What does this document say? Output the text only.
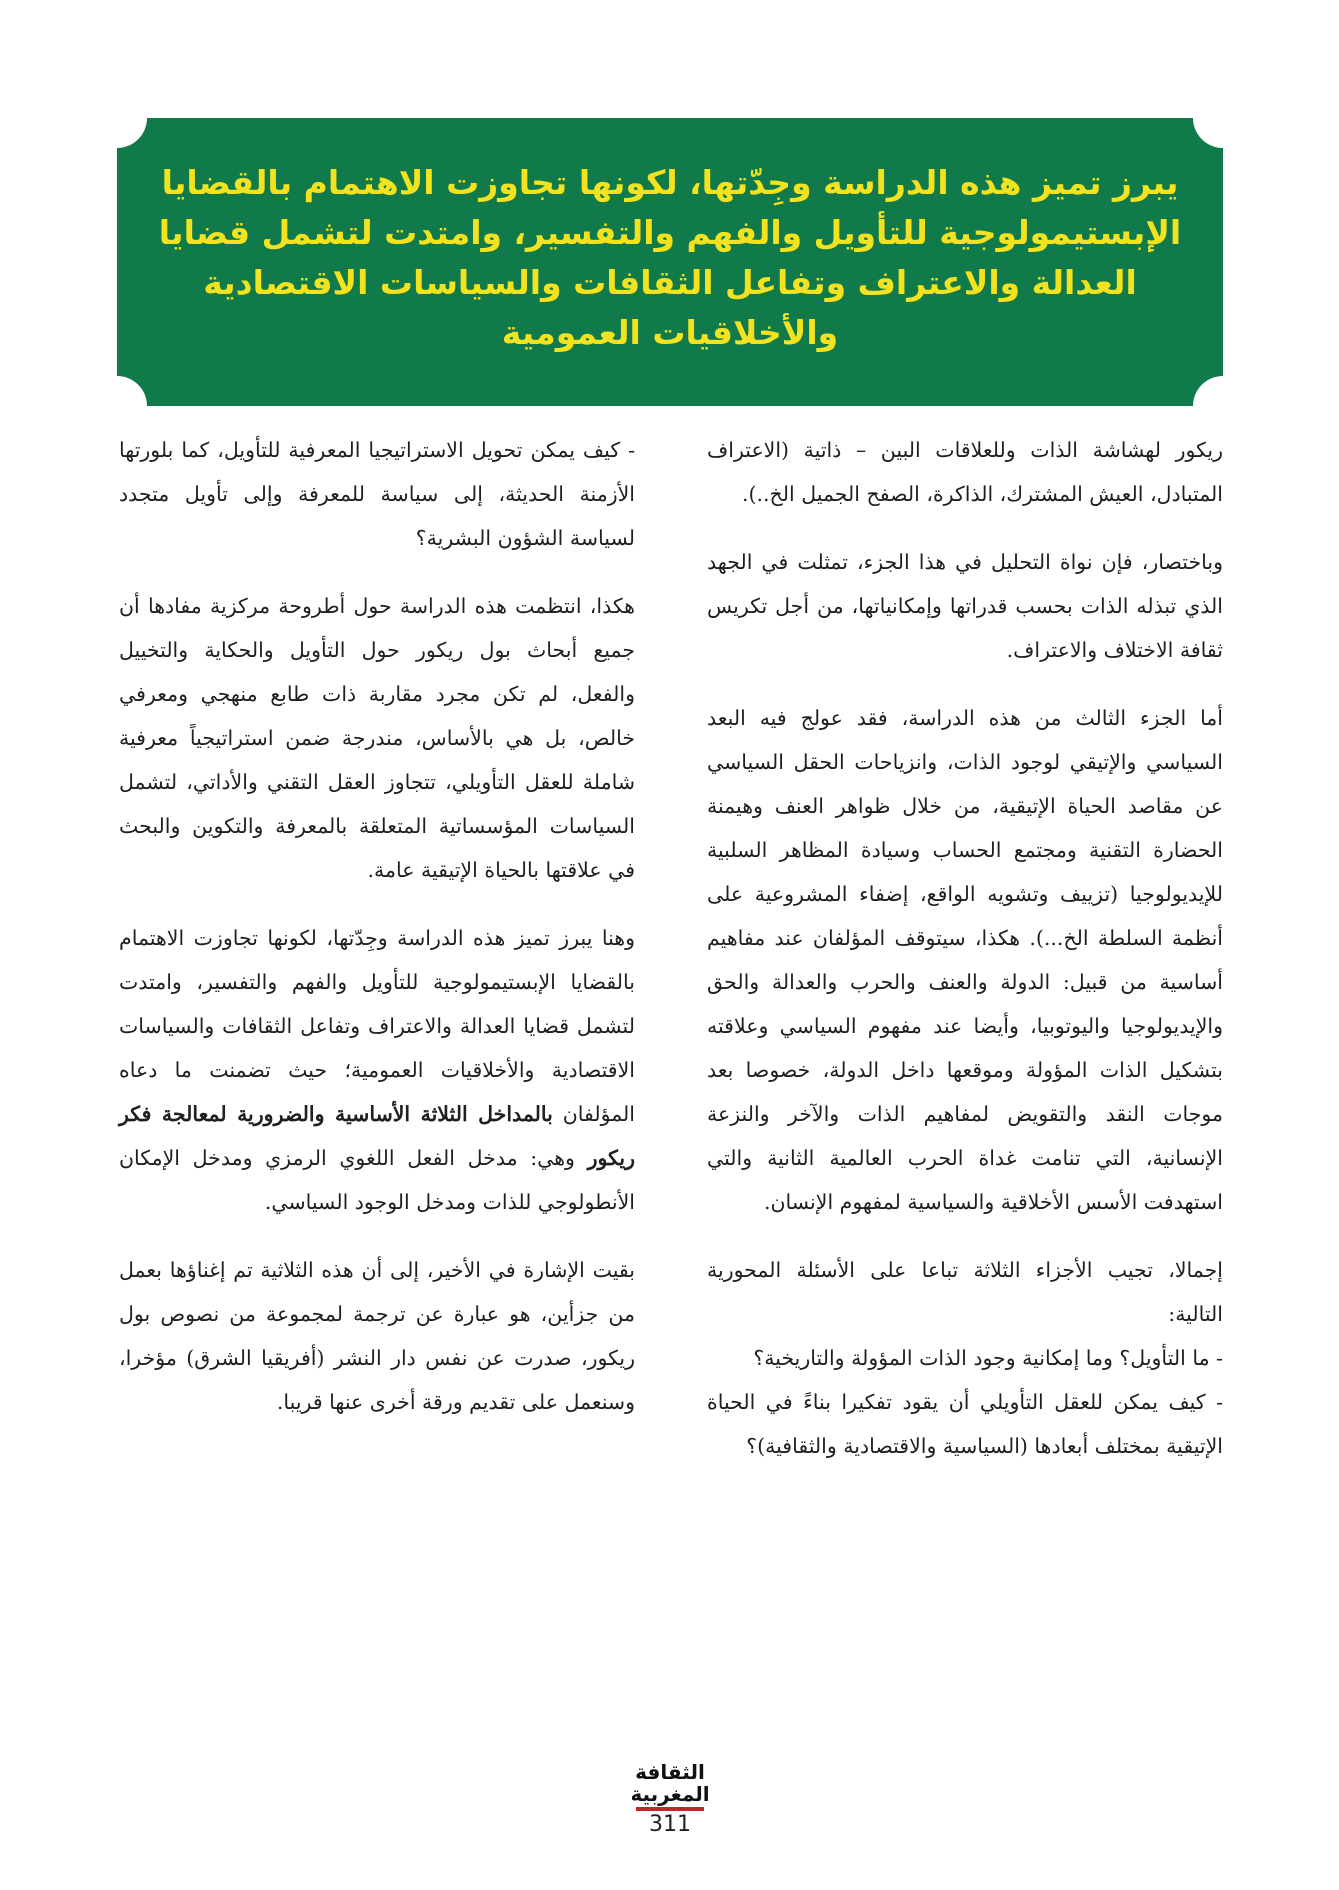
يبرز تميز هذه الدراسة وجِدّتها، لكونها تجاوزت الاهتمام بالقضايا الإبستيمولوجية للتأويل والفهم والتفسير، وامتدت لتشمل قضايا العدالة والاعتراف وتفاعل الثقافات والسياسات الاقتصادية والأخلاقيات العمومية

ريكور لهشاشة الذات وللعلاقات البين – ذاتية (الاعتراف المتبادل، العيش المشترك، الذاكرة، الصفح الجميل الخ..).

وباختصار، فإن نواة التحليل في هذا الجزء، تمثلت في الجهد الذي تبذله الذات بحسب قدراتها وإمكانياتها، من أجل تكريس ثقافة الاختلاف والاعتراف.

أما الجزء الثالث من هذه الدراسة، فقد عولج فيه البعد السياسي والإتيقي لوجود الذات، وانزياحات الحقل السياسي عن مقاصد الحياة الإتيقية، من خلال ظواهر العنف وهيمنة الحضارة التقنية ومجتمع الحساب وسيادة المظاهر السلبية للإيديولوجيا (تزييف وتشويه الواقع، إضفاء المشروعية على أنظمة السلطة الخ...). هكذا، سيتوقف المؤلفان عند مفاهيم أساسية من قبيل: الدولة والعنف والحرب والعدالة والحق والإيديولوجيا واليوتوبيا، وأيضا عند مفهوم السياسي وعلاقته بتشكيل الذات المؤولة وموقعها داخل الدولة، خصوصا بعد موجات النقد والتقويض لمفاهيم الذات والآخر والنزعة الإنسانية، التي تنامت غداة الحرب العالمية الثانية والتي استهدفت الأسس الأخلاقية والسياسية لمفهوم الإنسان.

إجمالا، تجيب الأجزاء الثلاثة تباعا على الأسئلة المحورية التالية:
- ما التأويل؟ وما إمكانية وجود الذات المؤولة والتاريخية؟
- كيف يمكن للعقل التأويلي أن يقود تفكيرا بناءً في الحياة الإتيقية بمختلف أبعادها (السياسية والاقتصادية والثقافية)؟

- كيف يمكن تحويل الاستراتيجيا المعرفية للتأويل، كما بلورتها الأزمنة الحديثة، إلى سياسة للمعرفة وإلى تأويل متجدد لسياسة الشؤون البشرية؟

هكذا، انتظمت هذه الدراسة حول أطروحة مركزية مفادها أن جميع أبحاث بول ريكور حول التأويل والحكاية والتخييل والفعل، لم تكن مجرد مقاربة ذات طابع منهجي ومعرفي خالص، بل هي بالأساس، مندرجة ضمن استراتيجياً معرفية شاملة للعقل التأويلي، تتجاوز العقل التقني والأداتي، لتشمل السياسات المؤسساتية المتعلقة بالمعرفة والتكوين والبحث في علاقتها بالحياة الإتيقية عامة.

وهنا يبرز تميز هذه الدراسة وجِدّتها، لكونها تجاوزت الاهتمام بالقضايا الإبستيمولوجية للتأويل والفهم والتفسير، وامتدت لتشمل قضايا العدالة والاعتراف وتفاعل الثقافات والسياسات الاقتصادية والأخلاقيات العمومية؛ حيث تضمنت ما دعاه المؤلفان بالمداخل الثلاثة الأساسية والضرورية لمعالجة فكر ريكور وهي: مدخل الفعل اللغوي الرمزي ومدخل الإمكان الأنطولوجي للذات ومدخل الوجود السياسي.

بقيت الإشارة في الأخير، إلى أن هذه الثلاثية تم إغناؤها بعمل من جزأين، هو عبارة عن ترجمة لمجموعة من نصوص بول ريكور، صدرت عن نفس دار النشر (أفريقيا الشرق) مؤخرا، وسنعمل على تقديم ورقة أخرى عنها قريبا.

الثقافة
المغربية
311
